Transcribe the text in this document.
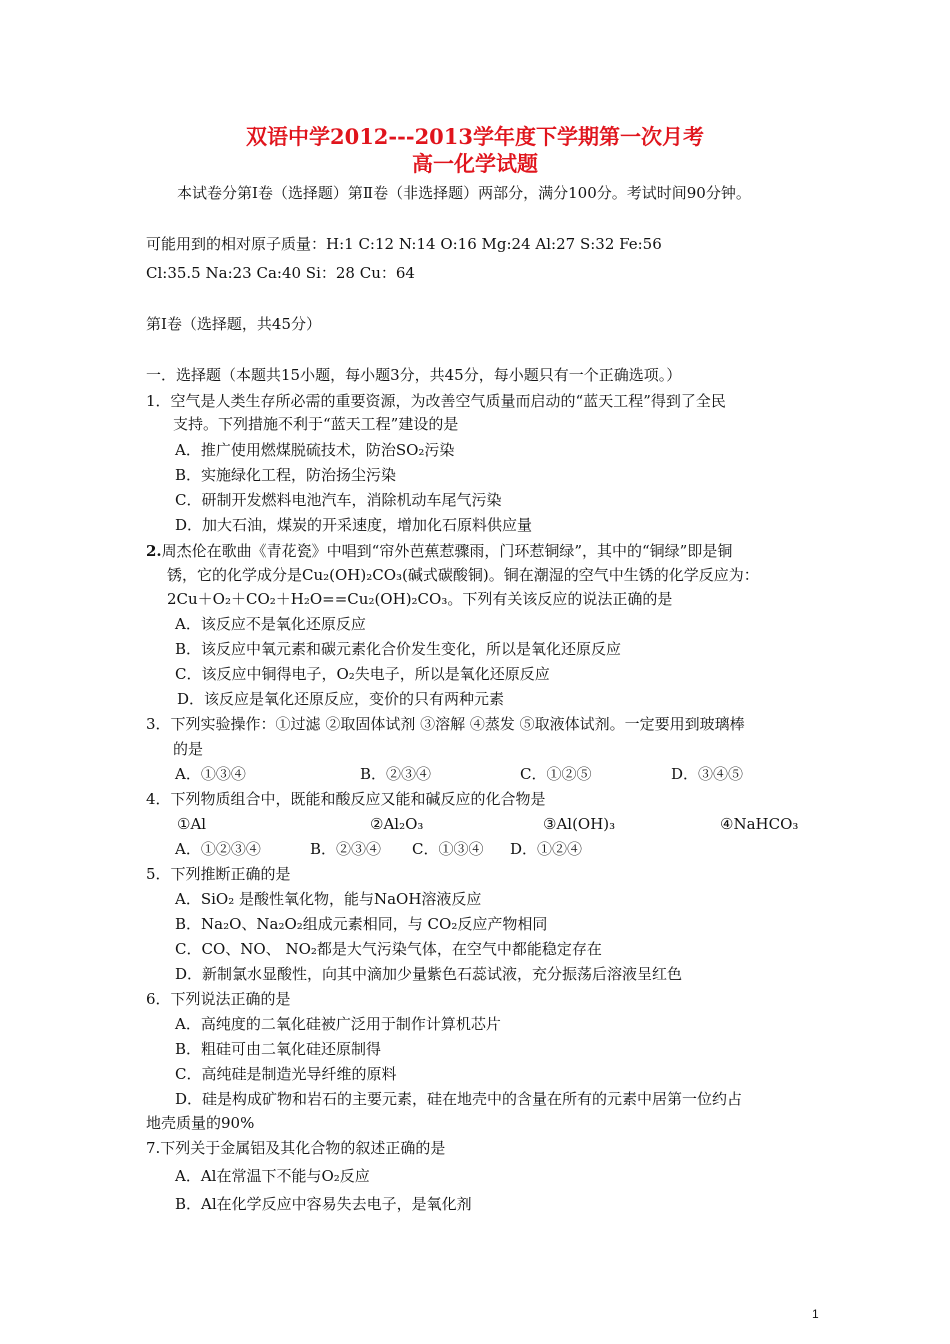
双语中学2012---2013学年度下学期第一次月考
高一化学试题
本试卷分第Ⅰ卷（选择题）第Ⅱ卷（非选择题）两部分，满分100分。考试时间90分钟。
可能用到的相对原子质量：H:1 C:12 N:14 O:16 Mg:24 Al:27 S:32 Fe:56
Cl:35.5 Na:23 Ca:40 Si：28 Cu：64
第Ⅰ卷（选择题，共45分）
一．选择题（本题共15小题，每小题3分，共45分，每小题只有一个正确选项。）
1．空气是人类生存所必需的重要资源，为改善空气质量而启动的“蓝天工程”得到了全民
支持。下列措施不利于“蓝天工程”建设的是
A．推广使用燃煤脱硫技术，防治SO₂污染
B．实施绿化工程，防治扬尘污染
C．研制开发燃料电池汽车，消除机动车尾气污染
D．加大石油，煤炭的开采速度，增加化石原料供应量
2.周杰伦在歌曲《青花瓷》中唱到“帘外芭蕉惹骤雨，门环惹铜绿”，其中的“铜绿”即是铜
锈，它的化学成分是Cu₂(OH)₂CO₃(碱式碳酸铜)。铜在潮湿的空气中生锈的化学反应为：
2Cu＋O₂＋CO₂＋H₂O==Cu₂(OH)₂CO₃。下列有关该反应的说法正确的是
A．该反应不是氧化还原反应
B．该反应中氧元素和碳元素化合价发生变化，所以是氧化还原反应
C．该反应中铜得电子，O₂失电子，所以是氧化还原反应
D．该反应是氧化还原反应，变价的只有两种元素
3．下列实验操作：①过滤 ②取固体试剂 ③溶解 ④蒸发 ⑤取液体试剂。一定要用到玻璃棒
的是
A．①③④	B．②③④	C．①②⑤	D．③④⑤
4．下列物质组合中，既能和酸反应又能和碱反应的化合物是
①Al	②Al₂O₃	③Al(OH)₃	④NaHCO₃
A．①②③④	B．②③④ C．①③④ D．①②④
5．下列推断正确的是
A．SiO₂ 是酸性氧化物，能与NaOH溶液反应
B．Na₂O、Na₂O₂组成元素相同，与 CO₂反应产物相同
C．CO、NO、 NO₂都是大气污染气体，在空气中都能稳定存在
D．新制氯水显酸性，向其中滴加少量紫色石蕊试液，充分振荡后溶液呈红色
6．下列说法正确的是
A．高纯度的二氧化硅被广泛用于制作计算机芯片
B．粗硅可由二氧化硅还原制得
C．高纯硅是制造光导纤维的原料
D．硅是构成矿物和岩石的主要元素，硅在地壳中的含量在所有的元素中居第一位约占
地壳质量的90%
7.下列关于金属铝及其化合物的叙述正确的是
A．Al在常温下不能与O₂反应
B．Al在化学反应中容易失去电子，是氧化剂
1
